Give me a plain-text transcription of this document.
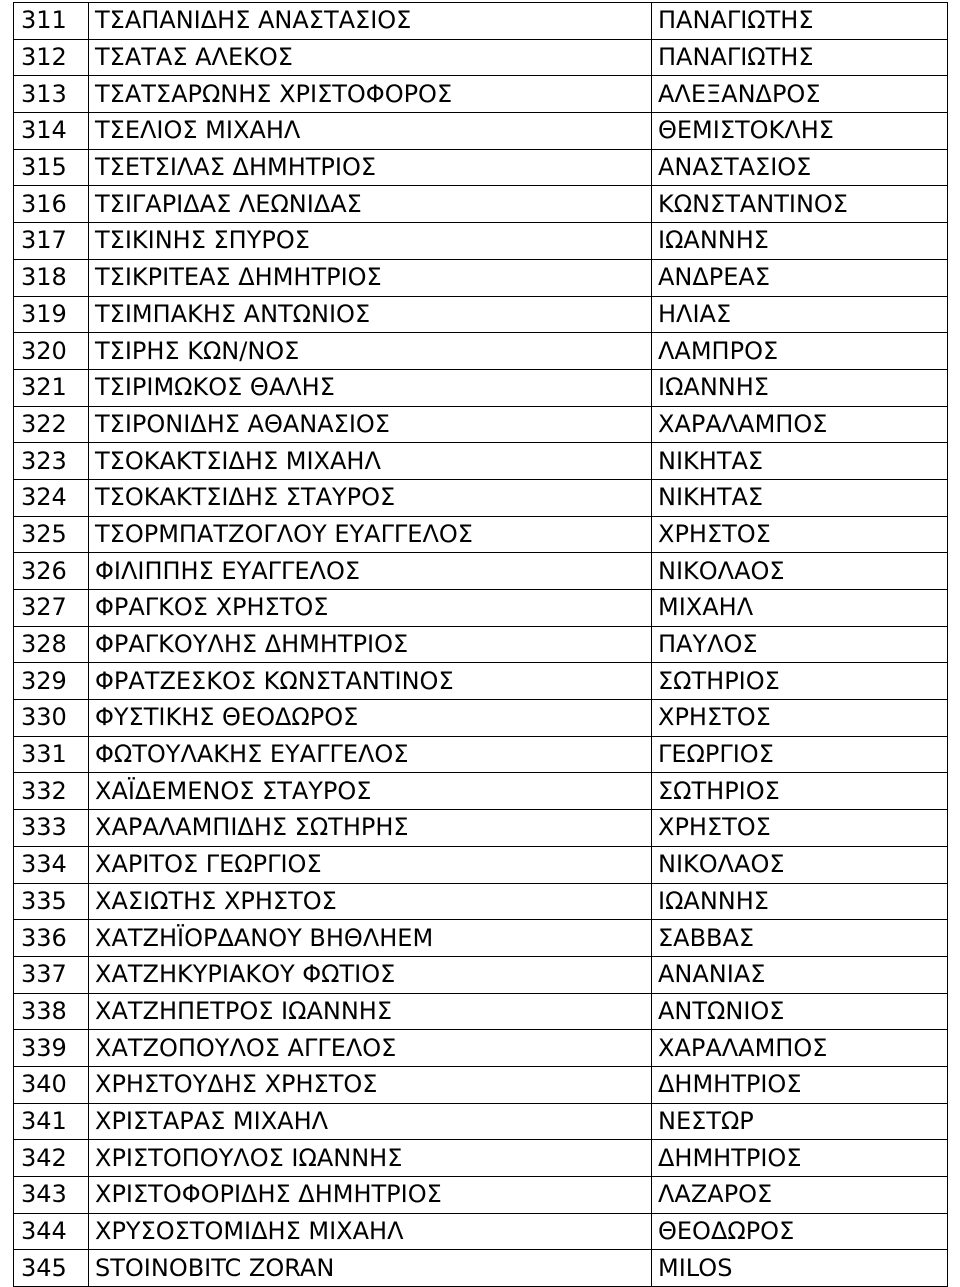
311	ΤΣΑΠΑΝΙΔΗΣ ΑΝΑΣΤΑΣΙΟΣ	ΠΑΝΑΓΙΩΤΗΣ
312	ΤΣΑΤΑΣ ΑΛΕΚΟΣ	ΠΑΝΑΓΙΩΤΗΣ
313	ΤΣΑΤΣΑΡΩΝΗΣ ΧΡΙΣΤΟΦΟΡΟΣ	ΑΛΕΞΑΝΔΡΟΣ
314	ΤΣΕΛΙΟΣ ΜΙΧΑΗΛ	ΘΕΜΙΣΤΟΚΛΗΣ
315	ΤΣΕΤΣΙΛΑΣ ΔΗΜΗΤΡΙΟΣ	ΑΝΑΣΤΑΣΙΟΣ
316	ΤΣΙΓΑΡΙΔΑΣ ΛΕΩΝΙΔΑΣ	ΚΩΝΣΤΑΝΤΙΝΟΣ
317	ΤΣΙΚΙΝΗΣ ΣΠΥΡΟΣ	ΙΩΑΝΝΗΣ
318	ΤΣΙΚΡΙΤΕΑΣ ΔΗΜΗΤΡΙΟΣ	ΑΝΔΡΕΑΣ
319	ΤΣΙΜΠΑΚΗΣ ΑΝΤΩΝΙΟΣ	ΗΛΙΑΣ
320	ΤΣΙΡΗΣ ΚΩΝ/ΝΟΣ	ΛΑΜΠΡΟΣ
321	ΤΣΙΡΙΜΩΚΟΣ ΘΑΛΗΣ	ΙΩΑΝΝΗΣ
322	ΤΣΙΡΟΝΙΔΗΣ ΑΘΑΝΑΣΙΟΣ	ΧΑΡΑΛΑΜΠΟΣ
323	ΤΣΟΚΑΚΤΣΙΔΗΣ ΜΙΧΑΗΛ	ΝΙΚΗΤΑΣ
324	ΤΣΟΚΑΚΤΣΙΔΗΣ ΣΤΑΥΡΟΣ	ΝΙΚΗΤΑΣ
325	ΤΣΟΡΜΠΑΤΖΟΓΛΟΥ ΕΥΑΓΓΕΛΟΣ	ΧΡΗΣΤΟΣ
326	ΦΙΛΙΠΠΗΣ ΕΥΑΓΓΕΛΟΣ	ΝΙΚΟΛΑΟΣ
327	ΦΡΑΓΚΟΣ ΧΡΗΣΤΟΣ	ΜΙΧΑΗΛ
328	ΦΡΑΓΚΟΥΛΗΣ ΔΗΜΗΤΡΙΟΣ	ΠΑΥΛΟΣ
329	ΦΡΑΤΖΕΣΚΟΣ ΚΩΝΣΤΑΝΤΙΝΟΣ	ΣΩΤΗΡΙΟΣ
330	ΦΥΣΤΙΚΗΣ ΘΕΟΔΩΡΟΣ	ΧΡΗΣΤΟΣ
331	ΦΩΤΟΥΛΑΚΗΣ ΕΥΑΓΓΕΛΟΣ	ΓΕΩΡΓΙΟΣ
332	ΧΑΪΔΕΜΕΝΟΣ ΣΤΑΥΡΟΣ	ΣΩΤΗΡΙΟΣ
333	ΧΑΡΑΛΑΜΠΙΔΗΣ ΣΩΤΗΡΗΣ	ΧΡΗΣΤΟΣ
334	ΧΑΡΙΤΟΣ ΓΕΩΡΓΙΟΣ	ΝΙΚΟΛΑΟΣ
335	ΧΑΣΙΩΤΗΣ ΧΡΗΣΤΟΣ	ΙΩΑΝΝΗΣ
336	ΧΑΤΖΗΪΟΡΔΑΝΟΥ ΒΗΘΛΗΕΜ	ΣΑΒΒΑΣ
337	ΧΑΤΖΗΚΥΡΙΑΚΟΥ ΦΩΤΙΟΣ	ΑΝΑΝΙΑΣ
338	ΧΑΤΖΗΠΕΤΡΟΣ ΙΩΑΝΝΗΣ	ΑΝΤΩΝΙΟΣ
339	ΧΑΤΖΟΠΟΥΛΟΣ ΑΓΓΕΛΟΣ	ΧΑΡΑΛΑΜΠΟΣ
340	ΧΡΗΣΤΟΥΔΗΣ ΧΡΗΣΤΟΣ	ΔΗΜΗΤΡΙΟΣ
341	ΧΡΙΣΤΑΡΑΣ ΜΙΧΑΗΛ	ΝΕΣΤΩΡ
342	ΧΡΙΣΤΟΠΟΥΛΟΣ ΙΩΑΝΝΗΣ	ΔΗΜΗΤΡΙΟΣ
343	ΧΡΙΣΤΟΦΟΡΙΔΗΣ ΔΗΜΗΤΡΙΟΣ	ΛΑΖΑΡΟΣ
344	ΧΡΥΣΟΣΤΟΜΙΔΗΣ ΜΙΧΑΗΛ	ΘΕΟΔΩΡΟΣ
345	STOINOBITC ZORAN	MILOS
